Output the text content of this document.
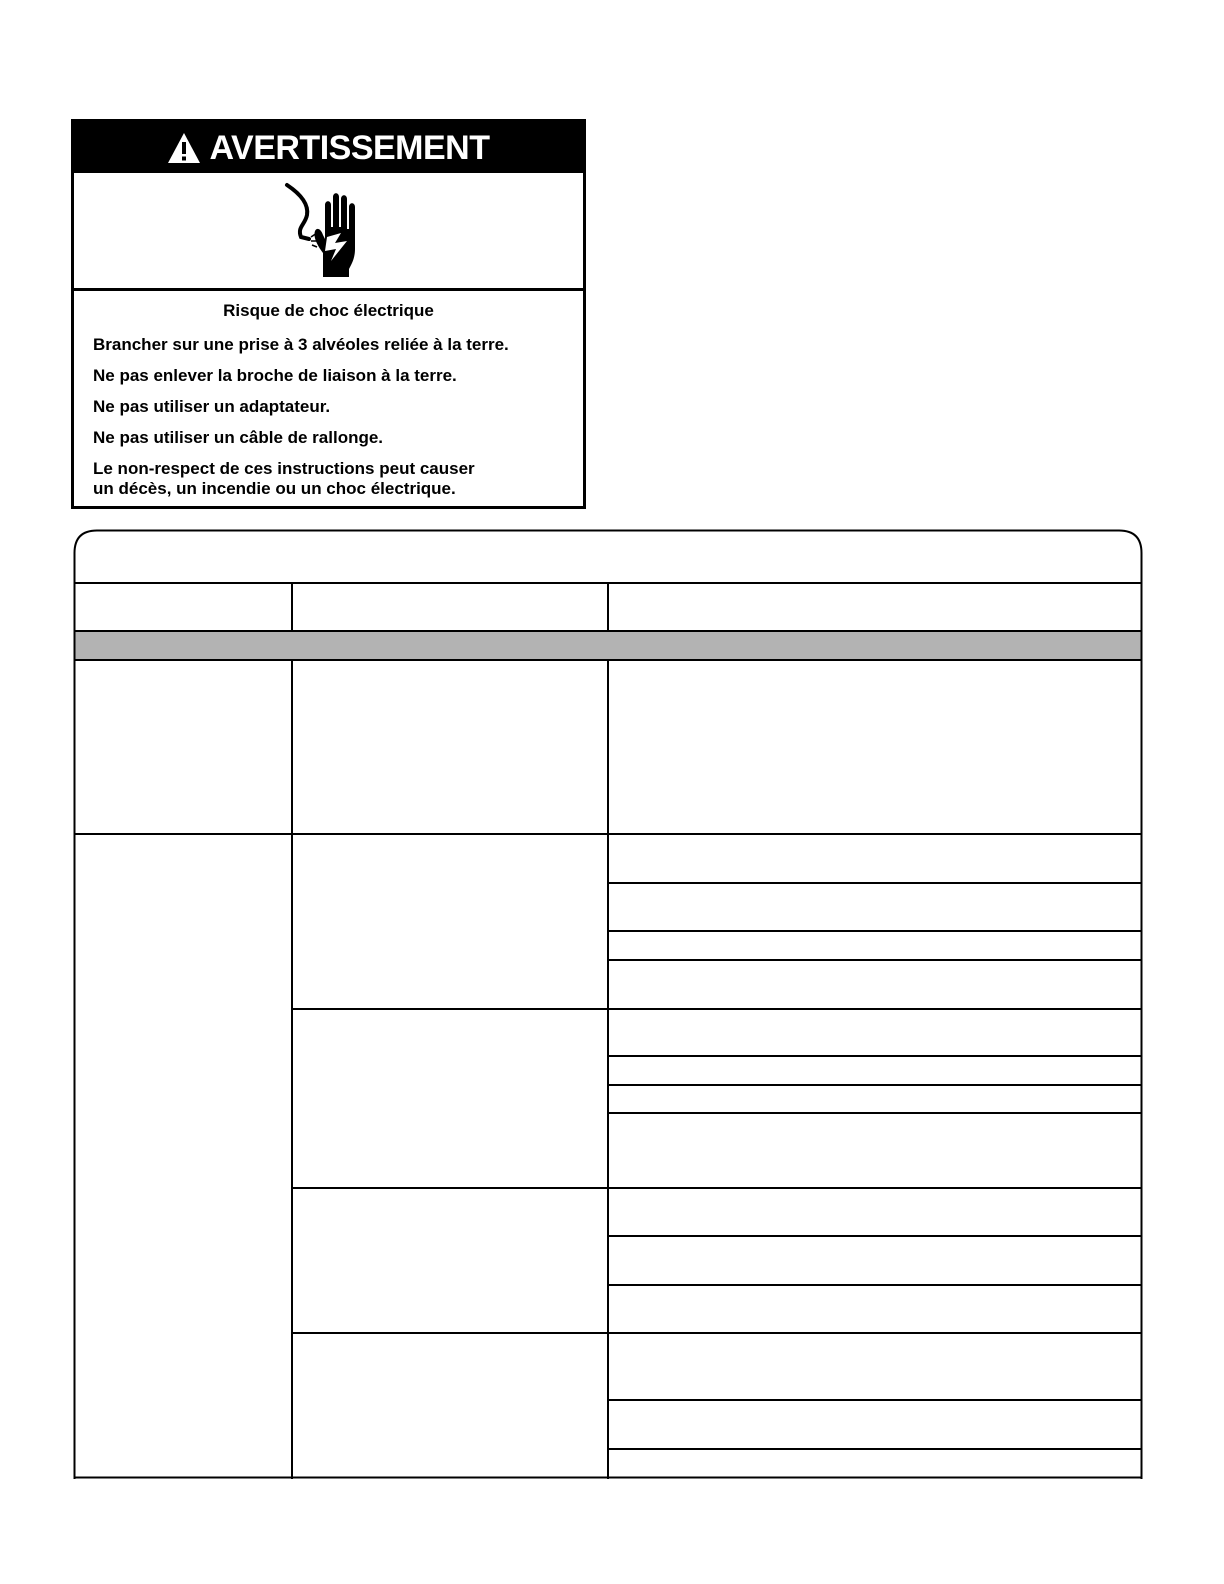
AVERTISSEMENT

Risque de choc électrique

Brancher sur une prise à 3 alvéoles reliée à la terre.

Ne pas enlever la broche de liaison à la terre.

Ne pas utiliser un adaptateur.

Ne pas utiliser un câble de rallonge.

Le non-respect de ces instructions peut causer
un décès, un incendie ou un choc électrique.
